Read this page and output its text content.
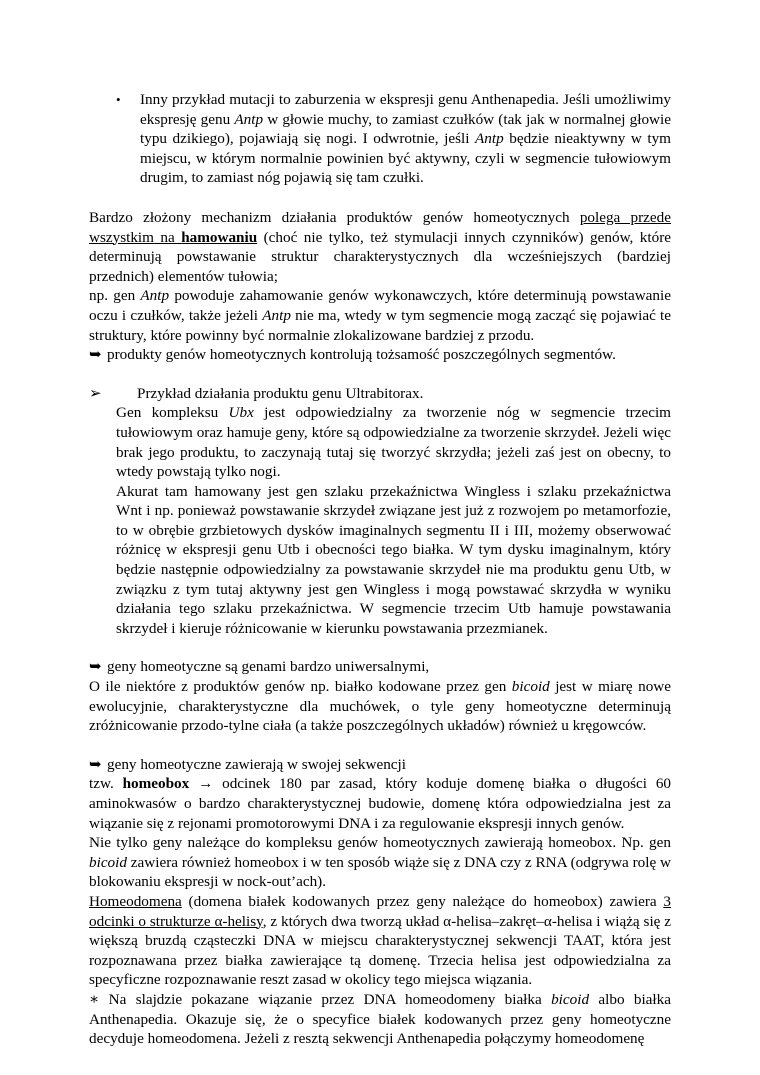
•	Inny przykład mutacji to zaburzenia w ekspresji genu Anthenapedia. Jeśli umożliwimy ekspresję genu Antp w głowie muchy, to zamiast czułków (tak jak w normalnej głowie typu dzikiego), pojawiają się nogi. I odwrotnie, jeśli Antp będzie nieaktywny w tym miejscu, w którym normalnie powinien być aktywny, czyli w segmencie tułowiowym drugim, to zamiast nóg pojawią się tam czułki.

Bardzo złożony mechanizm działania produktów genów homeotycznych polega przede wszystkim na hamowaniu (choć nie tylko, też stymulacji innych czynników) genów, które determinują powstawanie struktur charakterystycznych dla wcześniejszych (bardziej przednich) elementów tułowia;

np. gen Antp powoduje zahamowanie genów wykonawczych, które determinują powstawanie oczu i czułków, także jeżeli Antp nie ma, wtedy w tym segmencie mogą zacząć się pojawiać te struktury, które powinny być normalnie zlokalizowane bardziej z przodu.

➥ produkty genów homeotycznych kontrolują tożsamość poszczególnych segmentów.

➢	Przykład działania produktu genu Ultrabitorax.

Gen kompleksu Ubx jest odpowiedzialny za tworzenie nóg w segmencie trzecim tułowiowym oraz hamuje geny, które są odpowiedzialne za tworzenie skrzydeł. Jeżeli więc brak jego produktu, to zaczynają tutaj się tworzyć skrzydła; jeżeli zaś jest on obecny, to wtedy powstają tylko nogi.

Akurat tam hamowany jest gen szlaku przekaźnictwa Wingless i szlaku przekaźnictwa Wnt i np. ponieważ powstawanie skrzydeł związane jest już z rozwojem po metamorfozie, to w obrębie grzbietowych dysków imaginalnych segmentu II i III, możemy obserwować różnicę w ekspresji genu Utb i obecności tego białka. W tym dysku imaginalnym, który będzie następnie odpowiedzialny za powstawanie skrzydeł nie ma produktu genu Utb, w związku z tym tutaj aktywny jest gen Wingless i mogą powstawać skrzydła w wyniku działania tego szlaku przekaźnictwa. W segmencie trzecim Utb hamuje powstawania skrzydeł i kieruje różnicowanie w kierunku powstawania przezmianek.

➥ geny homeotyczne są genami bardzo uniwersalnymi,

O ile niektóre z produktów genów np. białko kodowane przez gen bicoid jest w miarę nowe ewolucyjnie, charakterystyczne dla muchówek, o tyle geny homeotyczne determinują zróżnicowanie przodo-tylne ciała (a także poszczególnych układów) również u kręgowców.

➥ geny homeotyczne zawierają w swojej sekwencji

tzw. homeobox → odcinek 180 par zasad, który koduje domenę białka o długości 60 aminokwasów o bardzo charakterystycznej budowie, domenę która odpowiedzialna jest za wiązanie się z rejonami promotorowymi DNA i za regulowanie ekspresji innych genów.

Nie tylko geny należące do kompleksu genów homeotycznych zawierają homeobox. Np. gen bicoid zawiera również homeobox i w ten sposób wiąże się z DNA czy z RNA (odgrywa rolę w blokowaniu ekspresji w nock-out’ach).

Homeodomena (domena białek kodowanych przez geny należące do homeobox) zawiera 3 odcinki o strukturze α-helisy, z których dwa tworzą układ α-helisa–zakręt–α-helisa i wiążą się z większą bruzdą cząsteczki DNA w miejscu charakterystycznej sekwencji TAAT, która jest rozpoznawana przez białka zawierające tą domenę. Trzecia helisa jest odpowiedzialna za specyficzne rozpoznawanie reszt zasad w okolicy tego miejsca wiązania.

∗ Na slajdzie pokazane wiązanie przez DNA homeodomeny białka bicoid albo białka Anthenapedia. Okazuje się, że o specyfice białek kodowanych przez geny homeotyczne decyduje homeodomena. Jeżeli z resztą sekwencji Anthenapedia połączymy homeodomenę
